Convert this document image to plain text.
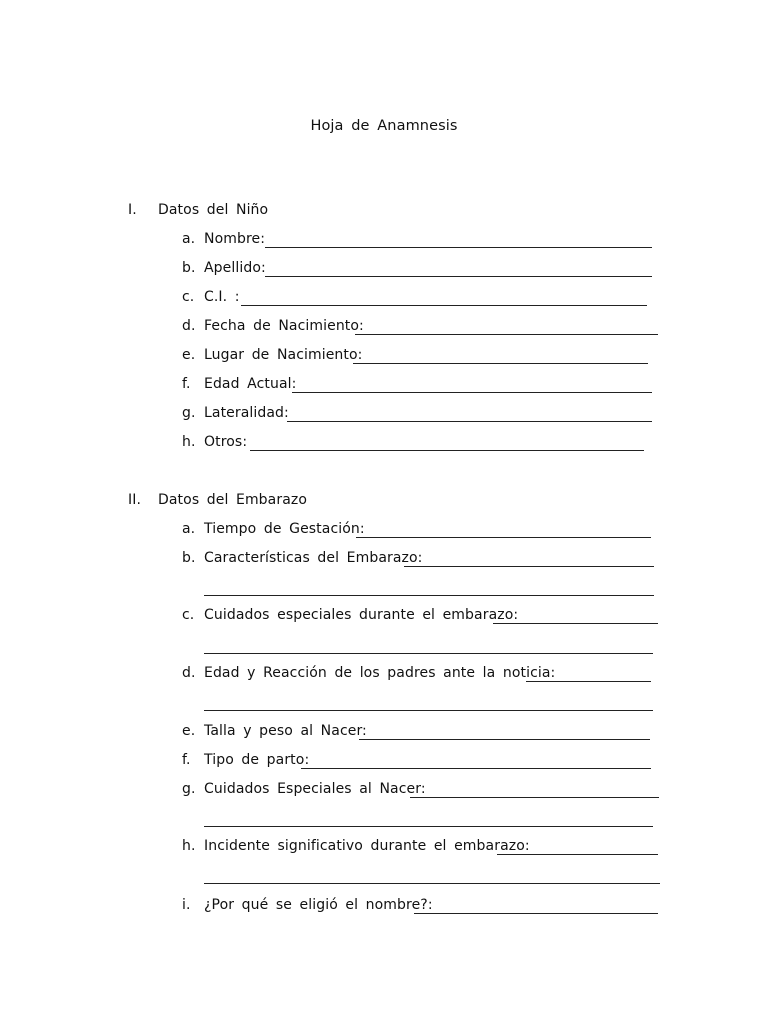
Hoja de Anamnesis
I.	Datos del Niño
a. Nombre:
b. Apellido:
c. C.I. :
d. Fecha de Nacimiento:
e. Lugar de Nacimiento:
f. Edad Actual:
g. Lateralidad:
h. Otros:
II.	Datos del Embarazo
a. Tiempo de Gestación:
b. Características del Embarazo:
c. Cuidados especiales durante el embarazo:
d. Edad y Reacción de los padres ante la noticia:
e. Talla y peso al Nacer:
f. Tipo de parto:
g. Cuidados Especiales al Nacer:
h. Incidente significativo durante el embarazo:
i. ¿Por qué se eligió el nombre?:
